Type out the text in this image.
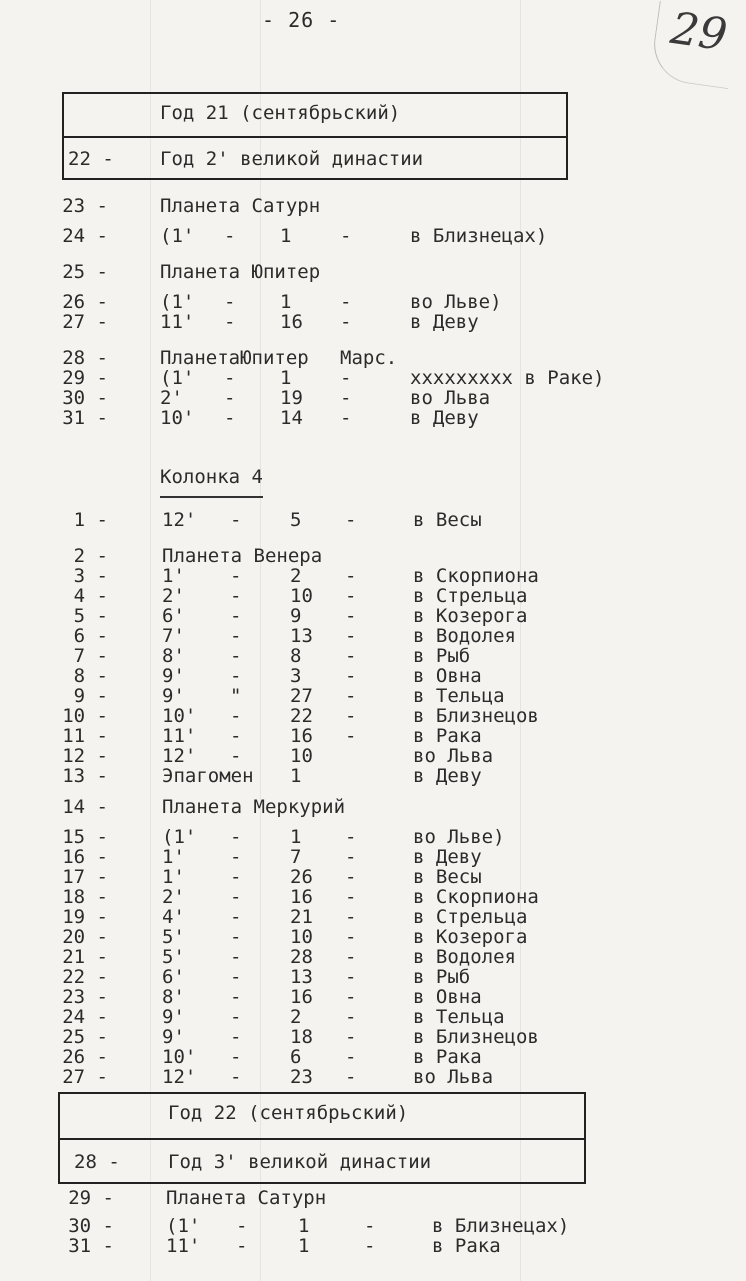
- 26 -	29
Год 21 (сентябрьский)
22 - Год 2' великой династии
23 -	Планета Сатурн
24 -	(1' - 1	-	в Близнецах)
25 -	Планета Юпитер
26 -	(1' - 1	-	во Льве)
27 -	11' - 16 -	в Деву
28 -	ПланетаЮпитер Марс.
29 -	(1' - 1	-	xxxxxxxxx в Раке)
30 -	2' - 19 -	во Льва
31 -	10' - 14 -	в Деву
Колонка 4
1 -	12' -	5 -	в Весы
2 -	Планета Венера
3 -	1' -	2 -	в Скорпиона
4 -	2' -	10 -	в Стрельца
5 -	6' -	9 -	в Козерога
6 -	7' -	13 -	в Водолея
7 -	8' -	8 -	в Рыб
8 -	9' -	3 -	в Овна
9 -	9' "	27 -	в Тельца
10 -	10' -	22 -	в Близнецов
11 -	11' -	16 -	в Рака
12 -	12' -	10	во Льва
13 -	Эпагомен 1	в Деву
14 -	Планета Меркурий
15 -	(1' -	1 -	во Льве)
16 -	1' -	7 -	в Деву
17 -	1' -	26 -	в Весы
18 -	2' -	16 -	в Скорпиона
19 -	4' -	21 -	в Стрельца
20 -	5' -	10 -	в Козерога
21 -	5' -	28 -	в Водолея
22 -	6' -	13 -	в Рыб
23 -	8' -	16 -	в Овна
24 -	9' -	2 -	в Тельца
25 -	9' -	18 -	в Близнецов
26 -	10' -	6 -	в Рака
27 -	12' -	23 -	во Льва
Год 22 (сентябрьский)
28 -	Год 3' великой династии
29 -	Планета Сатурн
30 -	(1' -	1	-	в Близнецах)
31 -	11' -	1	-	в Рака
